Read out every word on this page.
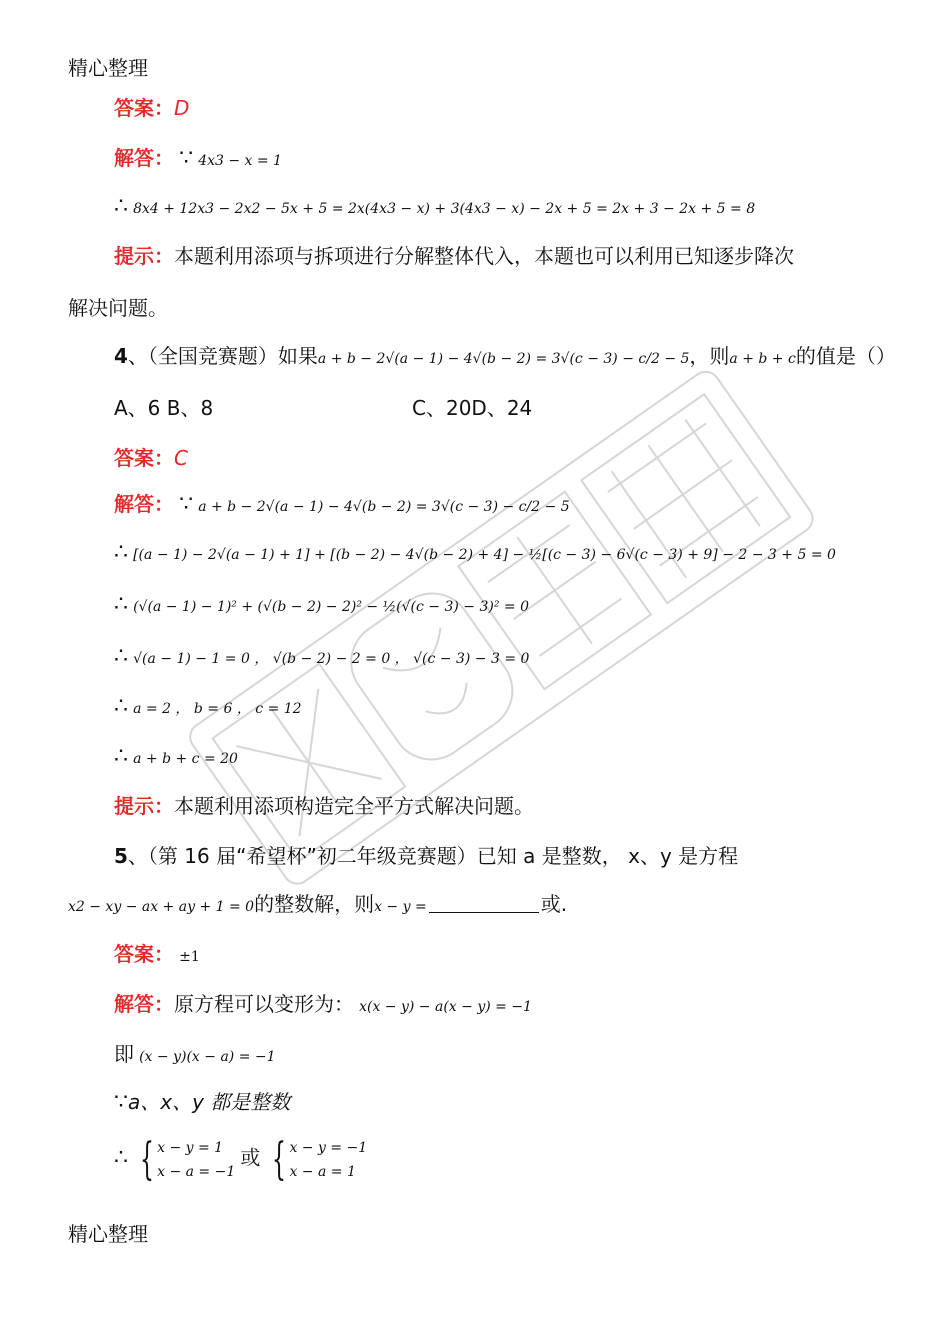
精心整理
答案：D
解答： ∵ 4x3 − x = 1
∴ 8x4 + 12x3 − 2x2 − 5x + 5 = 2x(4x3 − x) + 3(4x3 − x) − 2x + 5 = 2x + 3 − 2x + 5 = 8
提示：本题利用添项与拆项进行分解整体代入，本题也可以利用已知逐步降次
解决问题。
4、（全国竞赛题）如果a + b − 2√(a − 1) − 4√(b − 2) = 3√(c − 3) − c/2 − 5，则a + b + c的值是（）
A、6 B、8	C、20D、24
答案：C
解答： ∵ a + b − 2√(a − 1) − 4√(b − 2) = 3√(c − 3) − c/2 − 5
∴ [(a − 1) − 2√(a − 1) + 1] + [(b − 2) − 4√(b − 2) + 4] − ½[(c − 3) − 6√(c − 3) + 9] − 2 − 3 + 5 = 0
∴ (√(a − 1) − 1)² + (√(b − 2) − 2)² − ½(√(c − 3) − 3)² = 0
∴ √(a − 1) − 1 = 0 ， √(b − 2) − 2 = 0 ， √(c − 3) − 3 = 0
∴ a = 2 ， b = 6 ， c = 12
∴ a + b + c = 20
提示：本题利用添项构造完全平方式解决问题。
5、（第 16 届“希望杯”初二年级竞赛题）已知 a 是整数， x、y 是方程
x2 − xy − ax + ay + 1 = 0的整数解，则x − y =	或.
答案： ±1
解答：原方程可以变形为： x(x − y) − a(x − y) = −1
即 (x − y)(x − a) = −1
∵a、x、y 都是整数
∴ { x − y = 1
x − a = −1
或 { x − y = −1
x − a = 1
精心整理
